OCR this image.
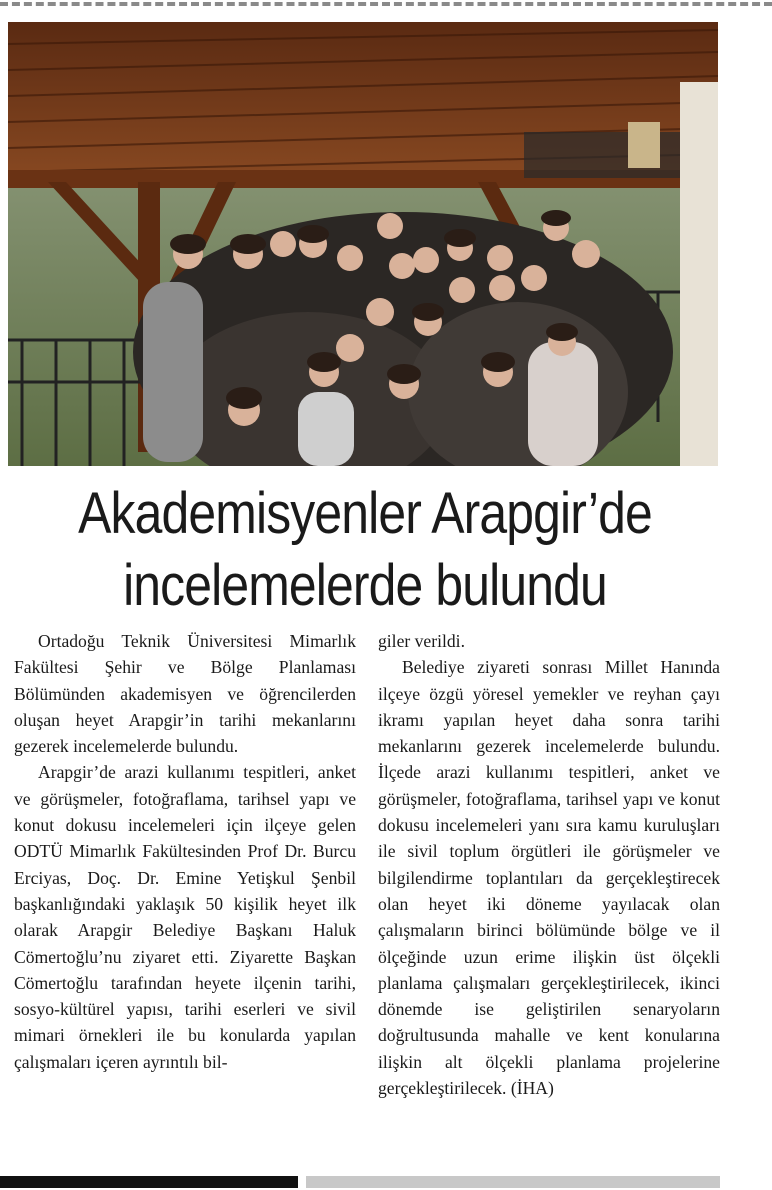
Akademisyenler Arapgir’de
incelemelerde bulundu

Ortadoğu Teknik Üniversitesi Mimarlık Fakültesi Şehir ve Bölge Planlaması Bölümünden akademisyen ve öğrencilerden oluşan heyet Arapgir’in tarihi mekanlarını gezerek incelemelerde bulundu.

Arapgir’de arazi kullanımı tespitleri, anket ve görüşmeler, fotoğraflama, tarihsel yapı ve konut dokusu incelemeleri için ilçeye gelen ODTÜ Mimarlık Fakültesinden Prof Dr. Burcu Erciyas, Doç. Dr. Emine Yetişkul Şenbil başkanlığındaki yaklaşık 50 kişilik heyet ilk olarak Arapgir Belediye Başkanı Haluk Cömertoğlu’nu ziyaret etti. Ziyarette Başkan Cömertoğlu tarafından heyete ilçenin tarihi, sosyo-kültürel yapısı, tarihi eserleri ve sivil mimari örnekleri ile bu konularda yapılan çalışmaları içeren ayrıntılı bil-

giler verildi.

Belediye ziyareti sonrası Millet Hanında ilçeye özgü yöresel yemekler ve reyhan çayı ikramı yapılan heyet daha sonra tarihi mekanlarını gezerek incelemelerde bulundu. İlçede arazi kullanımı tespitleri, anket ve görüşmeler, fotoğraflama, tarihsel yapı ve konut dokusu incelemeleri yanı sıra kamu kuruluşları ile sivil toplum örgütleri ile görüşmeler ve bilgilendirme toplantıları da gerçekleştirecek olan heyet iki döneme yayılacak olan çalışmaların birinci bölümünde bölge ve il ölçeğinde uzun erime ilişkin üst ölçekli planlama çalışmaları gerçekleştirilecek, ikinci dönemde ise geliştirilen senaryoların doğrultusunda mahalle ve kent konularına ilişkin alt ölçekli planlama projelerine gerçekleştirilecek. (İHA)
